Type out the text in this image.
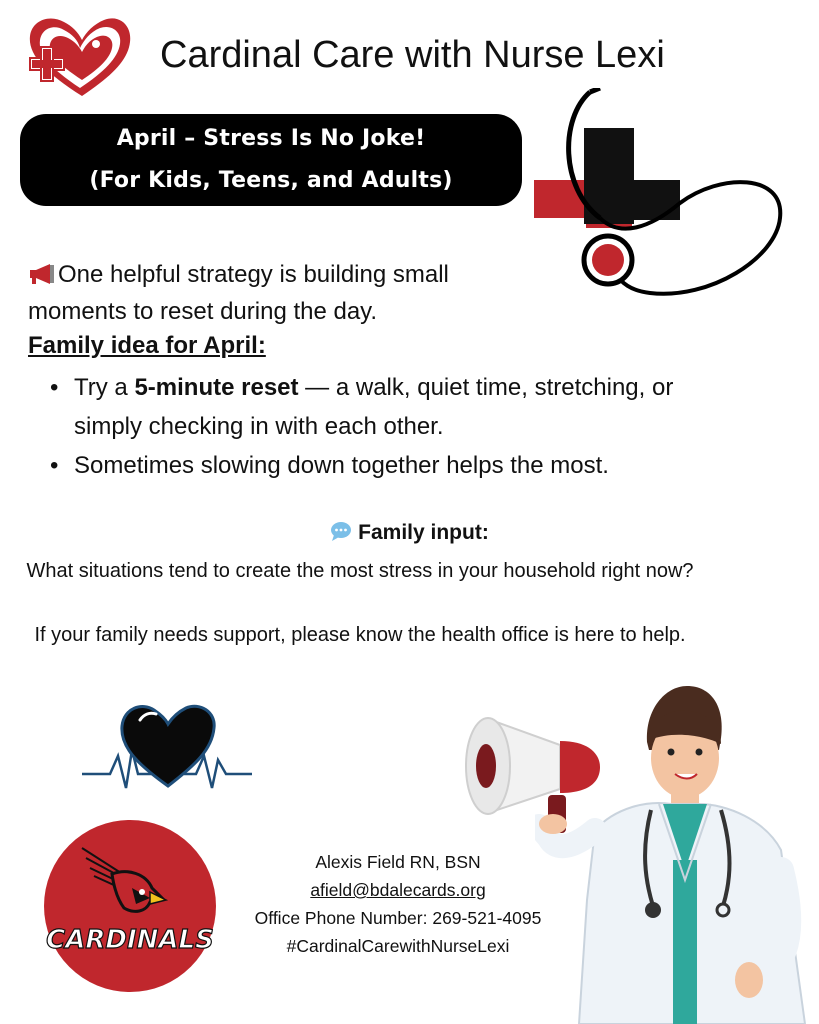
Cardinal Care with Nurse Lexi
April – Stress Is No Joke!
(For Kids, Teens, and Adults)
One helpful strategy is building small moments to reset during the day.
Family idea for April:
• Try a 5-minute reset — a walk, quiet time, stretching, or simply checking in with each other.
• Sometimes slowing down together helps the most.
Family input:
What situations tend to create the most stress in your household right now?
If your family needs support, please know the health office is here to help.
CARDINALS
Alexis Field RN, BSN
afield@bdalecards.org
Office Phone Number: 269-521-4095
#CardinalCarewithNurseLexi
